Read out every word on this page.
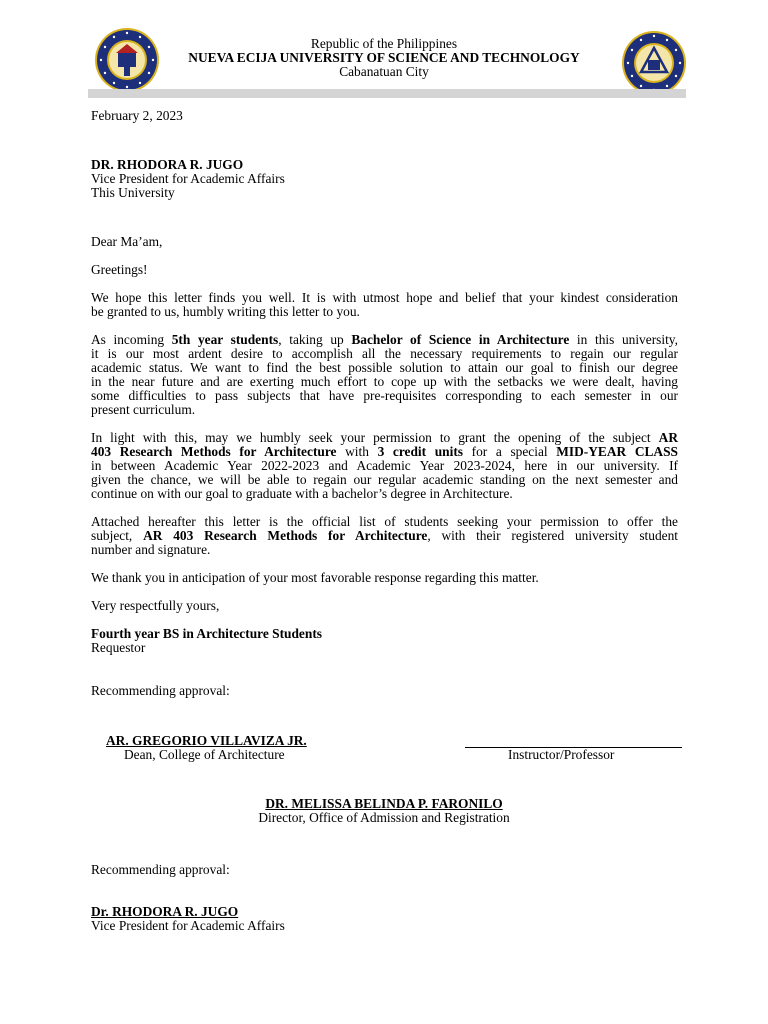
Republic of the Philippines
NUEVA ECIJA UNIVERSITY OF SCIENCE AND TECHNOLOGY
Cabanatuan City
February 2, 2023
DR. RHODORA R. JUGO
Vice President for Academic Affairs
This University
Dear Ma’am,
Greetings!
We hope this letter finds you well. It is with utmost hope and belief that your kindest consideration
be granted to us, humbly writing this letter to you.
As incoming 5th year students, taking up Bachelor of Science in Architecture in this university,
it is our most ardent desire to accomplish all the necessary requirements to regain our regular
academic status. We want to find the best possible solution to attain our goal to finish our degree
in the near future and are exerting much effort to cope up with the setbacks we were dealt, having
some difficulties to pass subjects that have pre-requisites corresponding to each semester in our
present curriculum.
In light with this, may we humbly seek your permission to grant the opening of the subject AR
403 Research Methods for Architecture with 3 credit units for a special MID-YEAR CLASS
in between Academic Year 2022-2023 and Academic Year 2023-2024, here in our university. If
given the chance, we will be able to regain our regular academic standing on the next semester and
continue on with our goal to graduate with a bachelor’s degree in Architecture.
Attached hereafter this letter is the official list of students seeking your permission to offer the
subject, AR 403 Research Methods for Architecture, with their registered university student
number and signature.
We thank you in anticipation of your most favorable response regarding this matter.
Very respectfully yours,
Fourth year BS in Architecture Students
Requestor
Recommending approval:
AR. GREGORIO VILLAVIZA JR.
Dean, College of Architecture	Instructor/Professor
DR. MELISSA BELINDA P. FARONILO
Director, Office of Admission and Registration
Recommending approval:
Dr. RHODORA R. JUGO
Vice President for Academic Affairs
